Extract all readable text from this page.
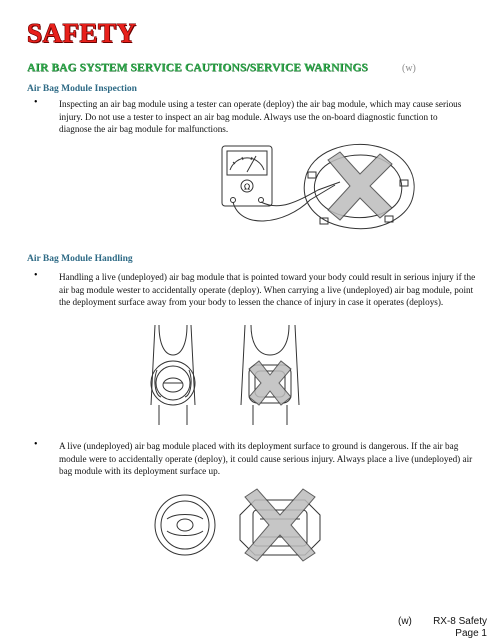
SAFETY
AIR BAG SYSTEM SERVICE CAUTIONS/SERVICE WARNINGS	(w)
Air Bag Module Inspection
• Inspecting an air bag module using a tester can operate (deploy) the air bag module, which may cause serious injury. Do not use a tester to inspect an air bag module. Always use the on-board diagnostic function to diagnose the air bag module for malfunctions.
Ω
Air Bag Module Handling
• Handling a live (undeployed) air bag module that is pointed toward your body could result in serious injury if the air bag module wester to accidentally operate (deploy). When carrying a live (undeployed) air bag module, point the deployment surface away from your body to lessen the chance of injury in case it operates (deploys).
• A live (undeployed) air bag module placed with its deployment surface to ground is dangerous. If the air bag module were to accidentally operate (deploy), it could cause serious injury. Always place a live (undeployed) air bag module with its deployment surface up.
(w)	RX-8 Safety
Page 1
